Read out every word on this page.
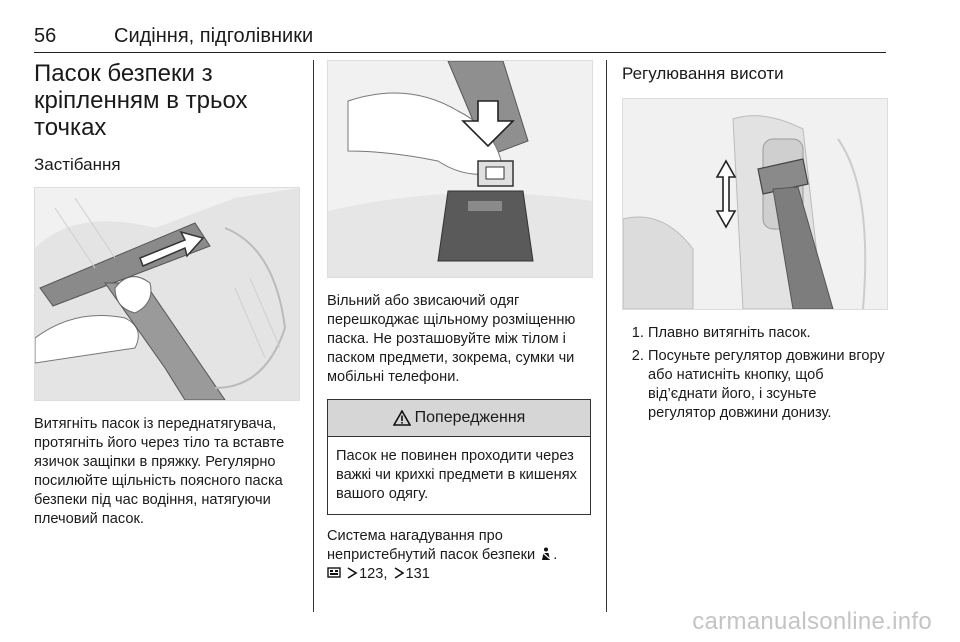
56	Сидіння, підголівники
Пасок безпеки з кріпленням в трьох точках
Застібання

Витягніть пасок із переднатягувача, протягніть його через тіло та вставте язичок защіпки в пряжку. Регулярно посилюйте щільність поясного паска безпеки під час водіння, натягуючи плечовий пасок.

Вільний або звисаючий одяг перешкоджає щільному розміщенню паска. Не розташовуйте між тілом і паском предмети, зокрема, сумки чи мобільні телефони.

Попередження
Пасок не повинен проходити через важкі чи крихкі предмети в кишенях вашого одягу.
Система нагадування про непристебнутий пасок безпеки .
123, 131
Регулювання висоти
1. Плавно витягніть пасок.
2. Посуньте регулятор довжини вгору або натисніть кнопку, щоб від’єднати його, і зсуньте регулятор довжини донизу.
carmanualsonline.info
